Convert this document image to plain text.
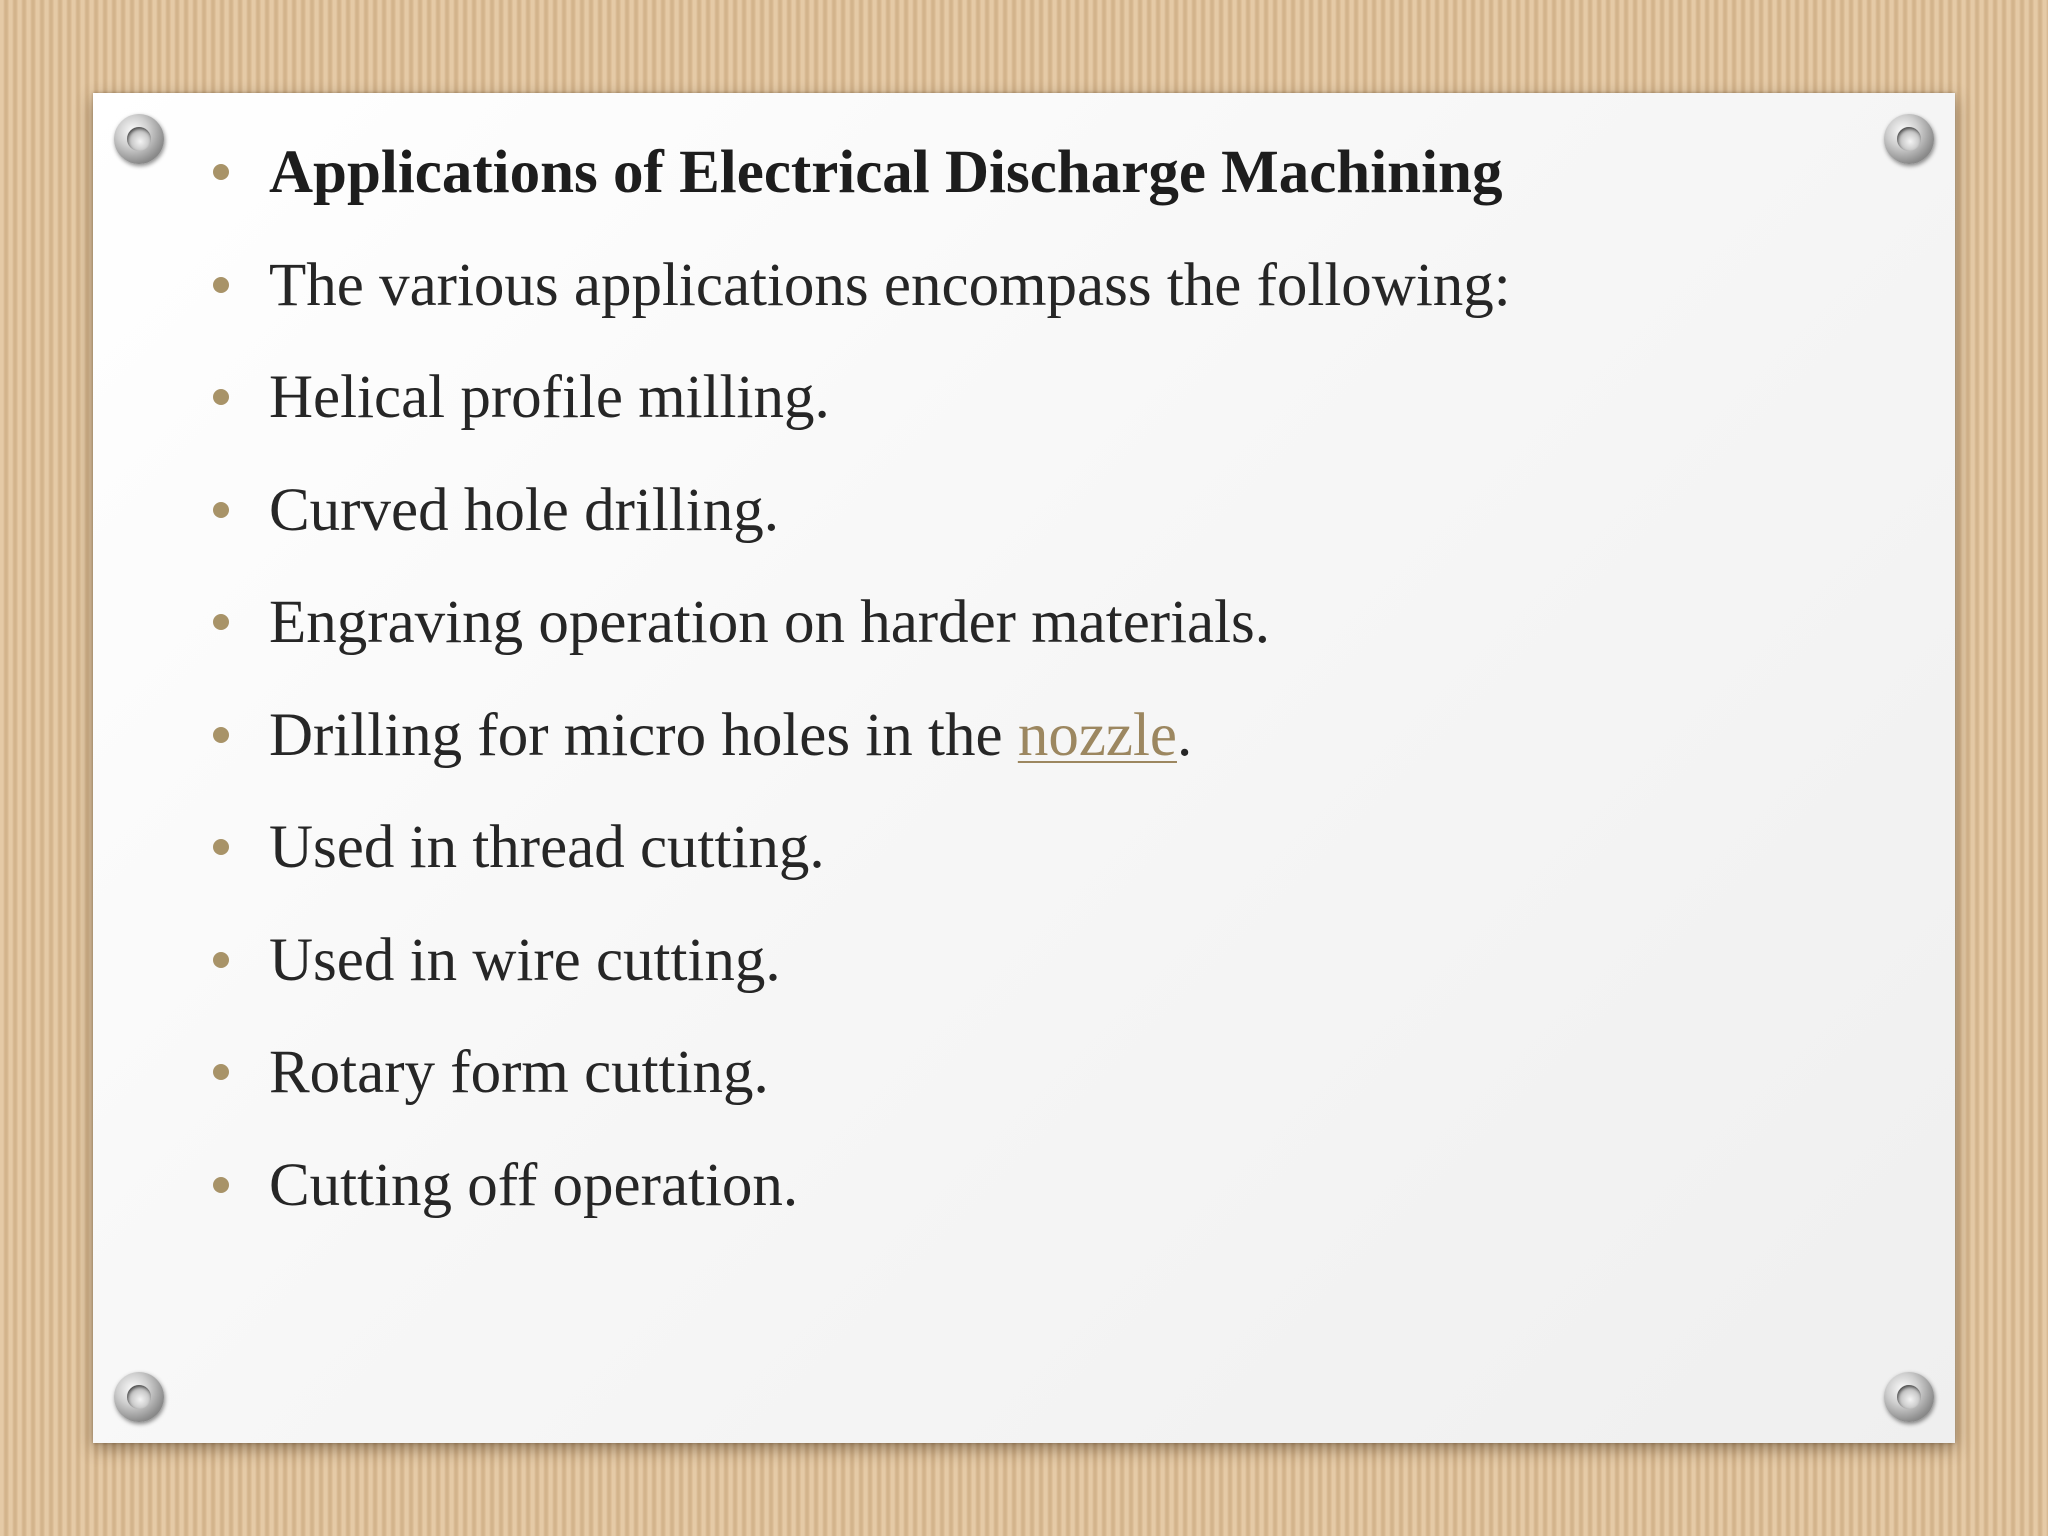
Applications of Electrical Discharge Machining
The various applications encompass the following:
Helical profile milling.
Curved hole drilling.
Engraving operation on harder materials.
Drilling for micro holes in the nozzle.
Used in thread cutting.
Used in wire cutting.
Rotary form cutting.
Cutting off operation.
